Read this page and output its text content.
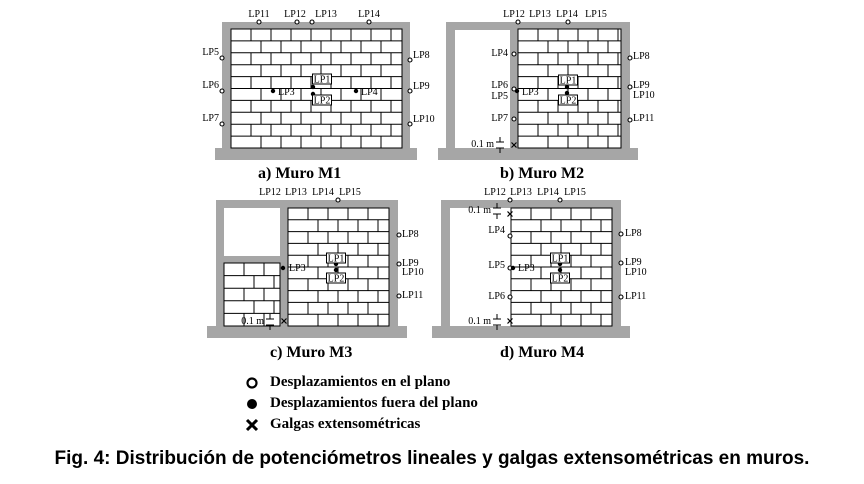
LP11 LP12 LP13 LP14
LP5
LP6
LP7
LP8
LP9
LP10
LP1
LP2
LP3	LP4
a) Muro M1
LP12 LP13 LP14 LP15
LP4
LP6
LP5
LP7
LP3
LP8
LP9
LP10
LP11
LP1
LP2
0.1 m
b) Muro M2
LP12 LP13 LP14 LP15
LP8
LP9
LP10
LP11
LP1
LP2
LP3
0.1 m
c) Muro M3
LP12 LP13 LP14 LP15
LP4
LP5
LP6
LP3
LP8
LP9
LP10
LP11
LP1
LP2
0.1 m
0.1 m
d) Muro M4
Desplazamientos en el plano
Desplazamientos fuera del plano
Galgas extensométricas
Fig. 4: Distribución de potenciómetros lineales y galgas extensométricas en muros.
